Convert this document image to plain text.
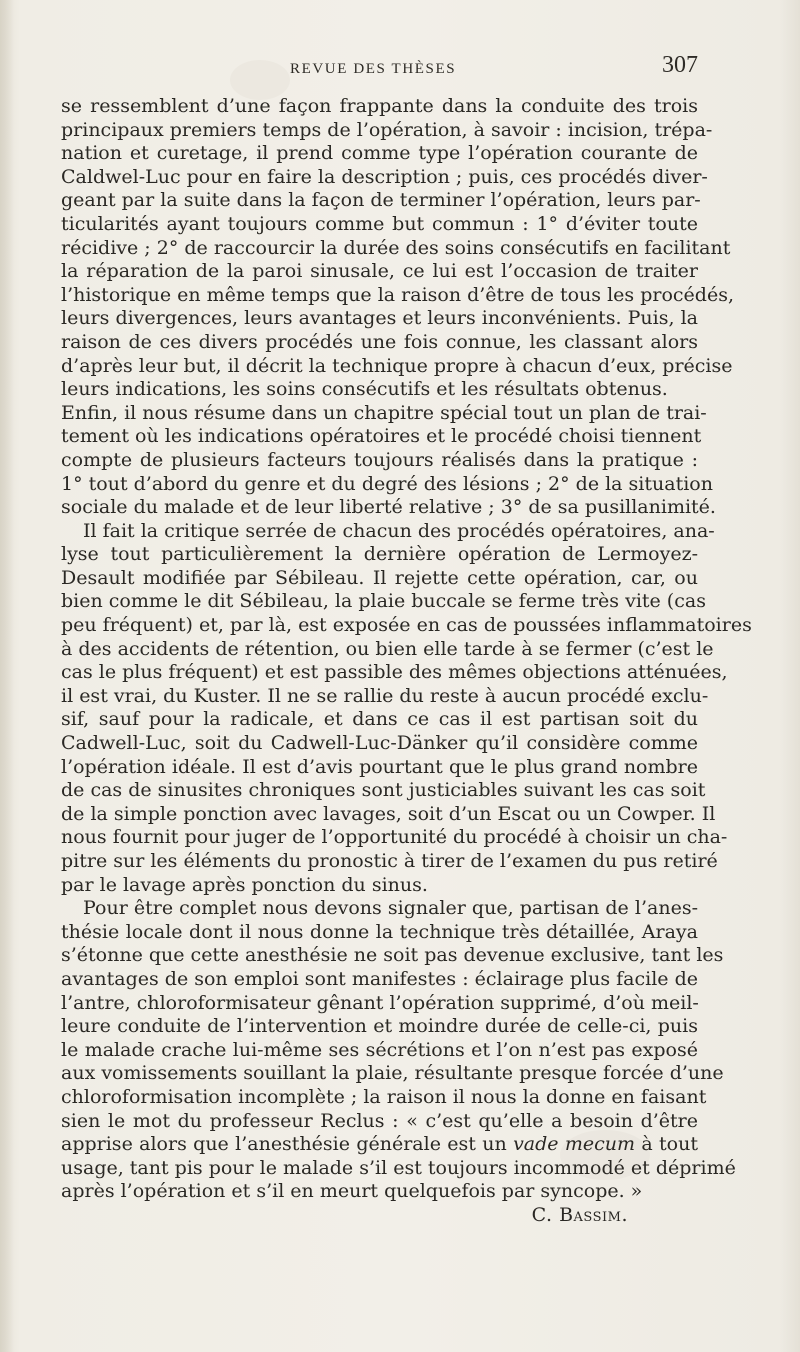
REVUE DES THÈSES	307
se ressemblent d’une façon frappante dans la conduite des trois
principaux premiers temps de l’opération, à savoir : incision, trépa-
nation et curetage, il prend comme type l’opération courante de
Caldwel-Luc pour en faire la description ; puis, ces procédés diver-
geant par la suite dans la façon de terminer l’opération, leurs par-
ticularités ayant toujours comme but commun : 1° d’éviter toute
récidive ; 2° de raccourcir la durée des soins consécutifs en facilitant
la réparation de la paroi sinusale, ce lui est l’occasion de traiter
l’historique en même temps que la raison d’être de tous les procédés,
leurs divergences, leurs avantages et leurs inconvénients. Puis, la
raison de ces divers procédés une fois connue, les classant alors
d’après leur but, il décrit la technique propre à chacun d’eux, précise
leurs indications, les soins consécutifs et les résultats obtenus.
Enfin, il nous résume dans un chapitre spécial tout un plan de trai-
tement où les indications opératoires et le procédé choisi tiennent
compte de plusieurs facteurs toujours réalisés dans la pratique :
1° tout d’abord du genre et du degré des lésions ; 2° de la situation
sociale du malade et de leur liberté relative ; 3° de sa pusillanimité.
Il fait la critique serrée de chacun des procédés opératoires, ana-
lyse tout particulièrement la dernière opération de Lermoyez-
Desault modifiée par Sébileau. Il rejette cette opération, car, ou
bien comme le dit Sébileau, la plaie buccale se ferme très vite (cas
peu fréquent) et, par là, est exposée en cas de poussées inflammatoires
à des accidents de rétention, ou bien elle tarde à se fermer (c’est le
cas le plus fréquent) et est passible des mêmes objections atténuées,
il est vrai, du Kuster. Il ne se rallie du reste à aucun procédé exclu-
sif, sauf pour la radicale, et dans ce cas il est partisan soit du
Cadwell-Luc, soit du Cadwell-Luc-Dänker qu’il considère comme
l’opération idéale. Il est d’avis pourtant que le plus grand nombre
de cas de sinusites chroniques sont justiciables suivant les cas soit
de la simple ponction avec lavages, soit d’un Escat ou un Cowper. Il
nous fournit pour juger de l’opportunité du procédé à choisir un cha-
pitre sur les éléments du pronostic à tirer de l’examen du pus retiré
par le lavage après ponction du sinus.
Pour être complet nous devons signaler que, partisan de l’anes-
thésie locale dont il nous donne la technique très détaillée, Araya
s’étonne que cette anesthésie ne soit pas devenue exclusive, tant les
avantages de son emploi sont manifestes : éclairage plus facile de
l’antre, chloroformisateur gênant l’opération supprimé, d’où meil-
leure conduite de l’intervention et moindre durée de celle-ci, puis
le malade crache lui-même ses sécrétions et l’on n’est pas exposé
aux vomissements souillant la plaie, résultante presque forcée d’une
chloroformisation incomplète ; la raison il nous la donne en faisant
sien le mot du professeur Reclus : « c’est qu’elle a besoin d’être
apprise alors que l’anesthésie générale est un vade mecum à tout
usage, tant pis pour le malade s’il est toujours incommodé et déprimé
après l’opération et s’il en meurt quelquefois par syncope. »
C. Bassim.
